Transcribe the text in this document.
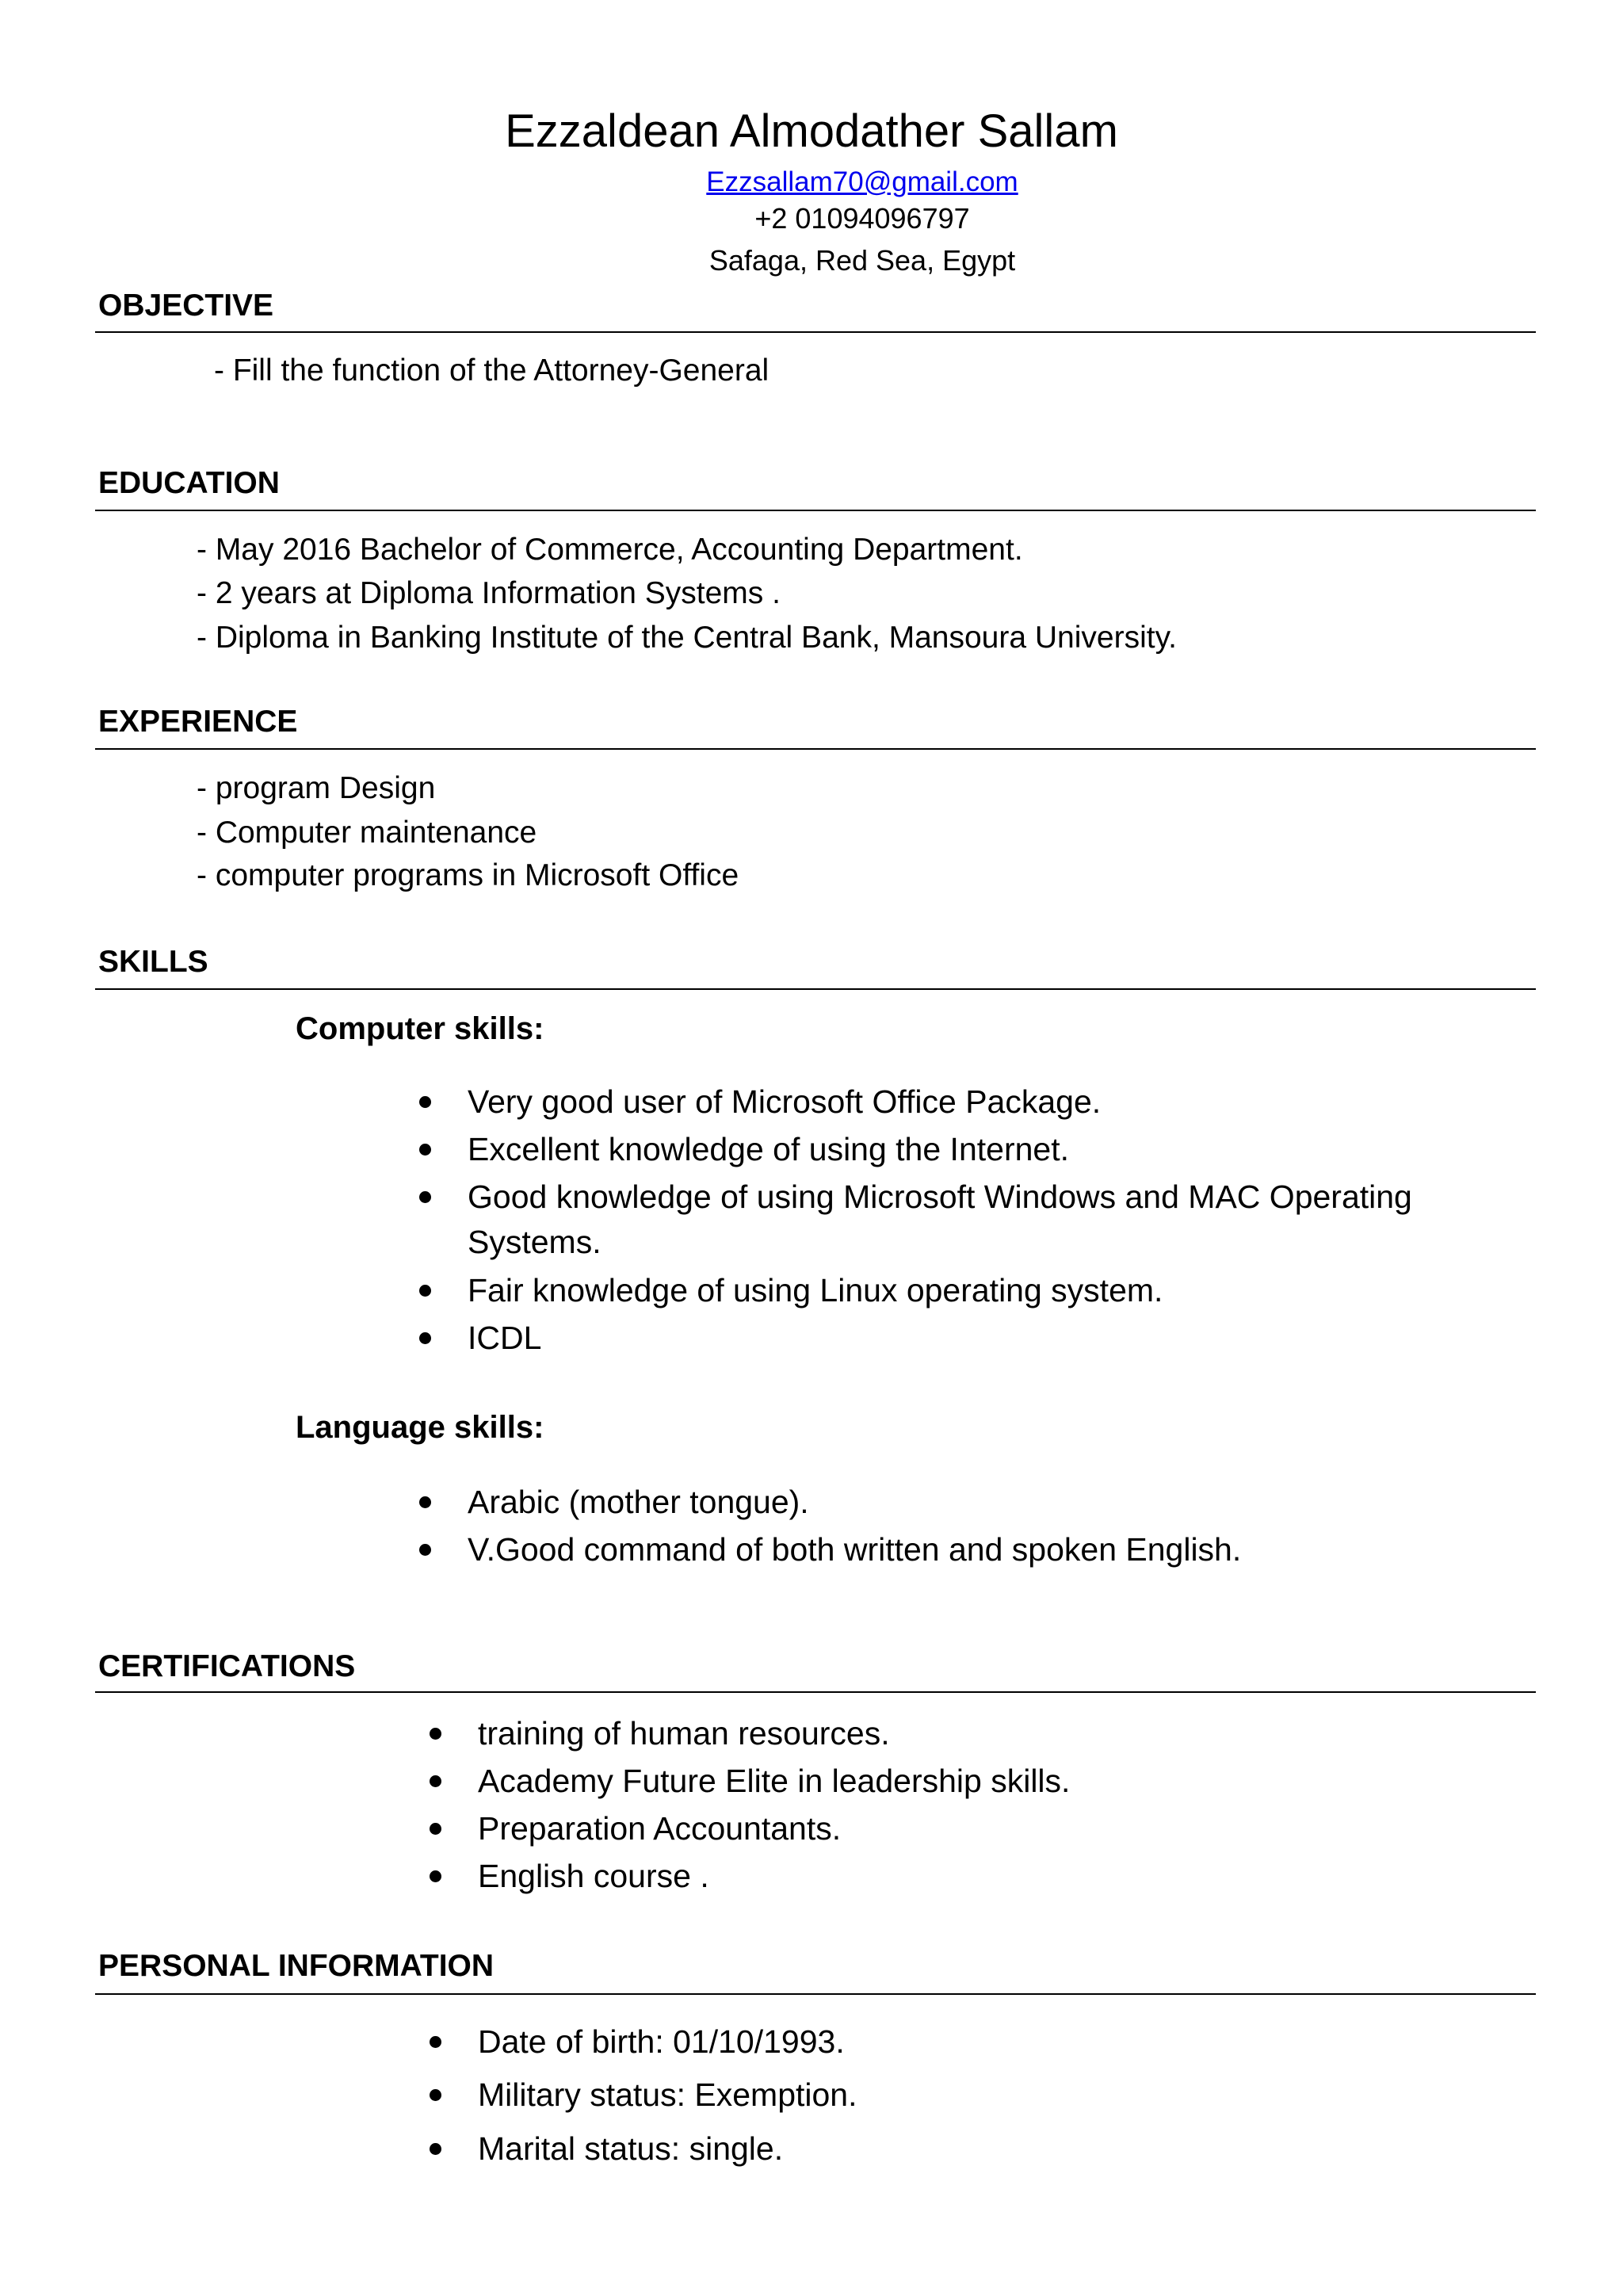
Ezzaldean Almodather Sallam
Ezzsallam70@gmail.com
+2 01094096797
Safaga, Red Sea, Egypt
OBJECTIVE
- Fill the function of the Attorney-General
EDUCATION
- May 2016 Bachelor of Commerce, Accounting Department.
- 2 years at Diploma Information Systems .
- Diploma in Banking Institute of the Central Bank, Mansoura University.
EXPERIENCE
- program Design
- Computer maintenance
- computer programs in Microsoft Office
SKILLS
Computer skills:
Very good user of Microsoft Office Package.
Excellent knowledge of using the Internet.
Good knowledge of using Microsoft Windows and MAC Operating
Systems.
Fair knowledge of using Linux operating system.
ICDL
Language skills:
Arabic (mother tongue).
V.Good command of both written and spoken English.
CERTIFICATIONS
training of human resources.
Academy Future Elite in leadership skills.
Preparation Accountants.
English course .
PERSONAL INFORMATION
Date of birth: 01/10/1993.
Military status: Exemption.
Marital status: single.
